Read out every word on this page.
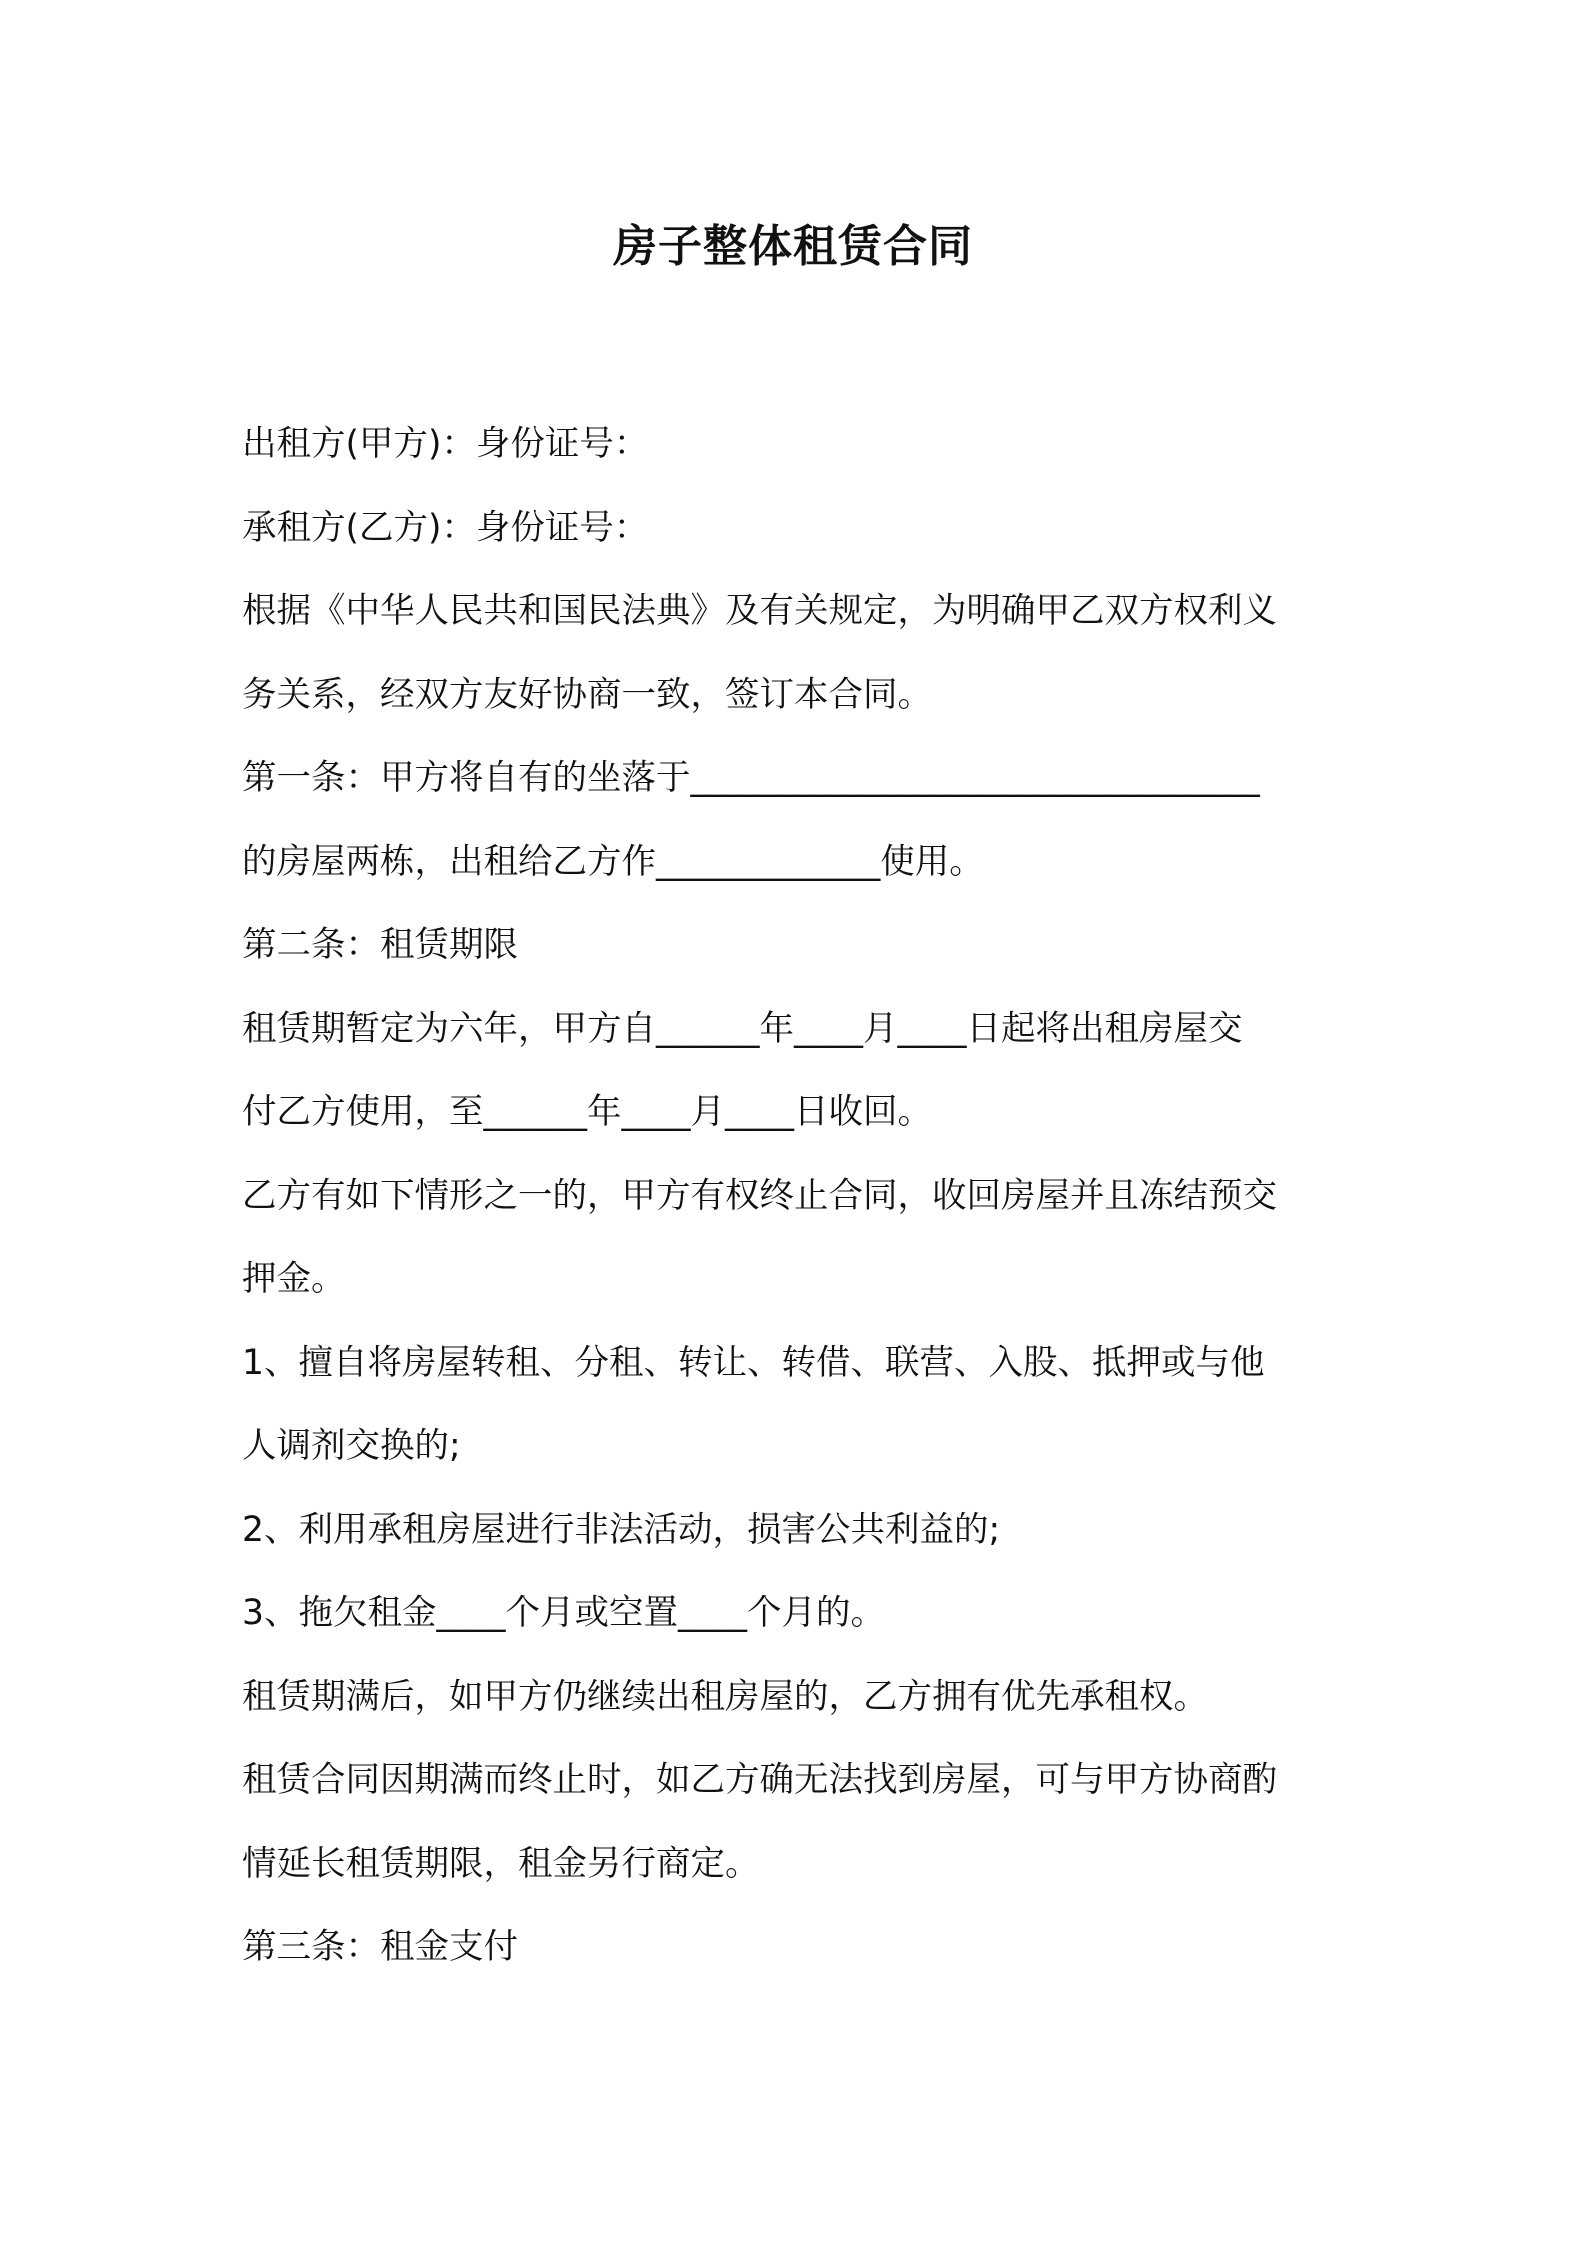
房子整体租赁合同

出租方(甲方)：身份证号：

承租方(乙方)：身份证号：

根据《中华人民共和国民法典》及有关规定，为明确甲乙双方权利义

务关系，经双方友好协商一致，签订本合同。

第一条：甲方将自有的坐落于_________________________________

的房屋两栋，出租给乙方作_____________使用。

第二条：租赁期限

租赁期暂定为六年，甲方自______年____月____日起将出租房屋交

付乙方使用，至______年____月____日收回。

乙方有如下情形之一的，甲方有权终止合同，收回房屋并且冻结预交

押金。

1、擅自将房屋转租、分租、转让、转借、联营、入股、抵押或与他

人调剂交换的;

2、利用承租房屋进行非法活动，损害公共利益的;

3、拖欠租金____个月或空置____个月的。

租赁期满后，如甲方仍继续出租房屋的，乙方拥有优先承租权。

租赁合同因期满而终止时，如乙方确无法找到房屋，可与甲方协商酌

情延长租赁期限，租金另行商定。

第三条：租金支付
